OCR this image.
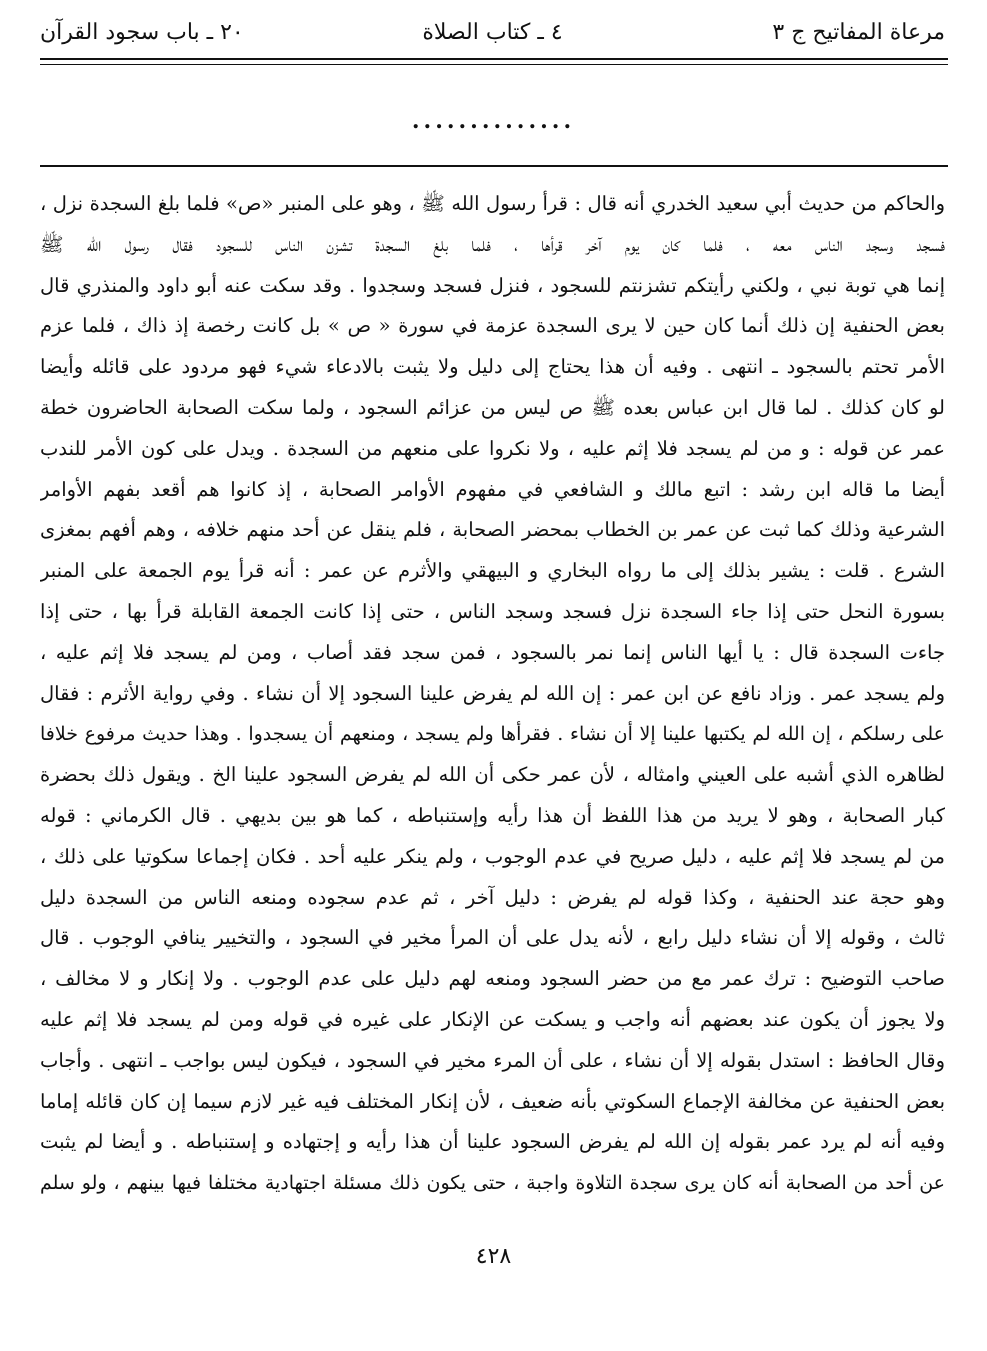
مرعاة المفاتيح ج ٣
٤ ـ كتاب الصلاة
٢٠ ـ باب سجود القرآن
..............
والحاكم من حديث أبي سعيد الخدري أنه قال : قرأ رسول الله ﷺ ، وهو على المنبر «ص» فلما بلغ السجدة نزل ،
فسجد وسجد الناس معه ، فلما كان يوم آخر قرأها ، فلما بلغ السجدة تشزن الناس للسجود فقال رسول الله ﷺ
إنما هي توبة نبي ، ولكني رأيتكم تشزنتم للسجود ، فنزل فسجد وسجدوا . وقد سكت عنه أبو داود والمنذري قال
بعض الحنفية إن ذلك أنما كان حين لا يرى السجدة عزمة في سورة « ص » بل كانت رخصة إذ ذاك ، فلما عزم
الأمر تحتم بالسجود ـ انتهى . وفيه أن هذا يحتاج إلى دليل ولا يثبت بالادعاء شيء فهو مردود على قائله وأيضا
لو كان كذلك . لما قال ابن عباس بعده ﷺ ص ليس من عزائم السجود ، ولما سكت الصحابة الحاضرون خطة
عمر عن قوله : و من لم يسجد فلا إثم عليه ، ولا نكروا على منعهم من السجدة . ويدل على كون الأمر للندب
أيضا ما قاله ابن رشد : اتبع مالك و الشافعي في مفهوم الأوامر الصحابة ، إذ كانوا هم أقعد بفهم الأوامر
الشرعية وذلك كما ثبت عن عمر بن الخطاب بمحضر الصحابة ، فلم ينقل عن أحد منهم خلافه ، وهم أفهم بمغزى
الشرع . قلت : يشير بذلك إلى ما رواه البخاري و البيهقي والأثرم عن عمر : أنه قرأ يوم الجمعة على المنبر
بسورة النحل حتى إذا جاء السجدة نزل فسجد وسجد الناس ، حتى إذا كانت الجمعة القابلة قرأ بها ، حتى إذا
جاءت السجدة قال : يا أيها الناس إنما نمر بالسجود ، فمن سجد فقد أصاب ، ومن لم يسجد فلا إثم عليه ،
ولم يسجد عمر . وزاد نافع عن ابن عمر : إن الله لم يفرض علينا السجود إلا أن نشاء . وفي رواية الأثرم : فقال
على رسلكم ، إن الله لم يكتبها علينا إلا أن نشاء . فقرأها ولم يسجد ، ومنعهم أن يسجدوا . وهذا حديث مرفوع خلافا
لظاهره الذي أشبه على العيني وامثاله ، لأن عمر حكى أن الله لم يفرض السجود علينا الخ . ويقول ذلك بحضرة
كبار الصحابة ، وهو لا يريد من هذا اللفظ أن هذا رأيه وإستنباطه ، كما هو بين بديهي . قال الكرماني : قوله
من لم يسجد فلا إثم عليه ، دليل صريح في عدم الوجوب ، ولم ينكر عليه أحد . فكان إجماعا سكوتيا على ذلك ،
وهو حجة عند الحنفية ، وكذا قوله لم يفرض : دليل آخر ، ثم عدم سجوده ومنعه الناس من السجدة دليل
ثالث ، وقوله إلا أن نشاء دليل رابع ، لأنه يدل على أن المرأ مخير في السجود ، والتخيير ينافي الوجوب . قال
صاحب التوضيح : ترك عمر مع من حضر السجود ومنعه لهم دليل على عدم الوجوب . ولا إنكار و لا مخالف ،
ولا يجوز أن يكون عند بعضهم أنه واجب و يسكت عن الإنكار على غيره في قوله ومن لم يسجد فلا إثم عليه
وقال الحافظ : استدل بقوله إلا أن نشاء ، على أن المرء مخير في السجود ، فيكون ليس بواجب ـ انتهى . وأجاب
بعض الحنفية عن مخالفة الإجماع السكوتي بأنه ضعيف ، لأن إنكار المختلف فيه غير لازم سيما إن كان قائله إماما
وفيه أنه لم يرد عمر بقوله إن الله لم يفرض السجود علينا أن هذا رأيه و إجتهاده و إستنباطه . و أيضا لم يثبت
عن أحد من الصحابة أنه كان يرى سجدة التلاوة واجبة ، حتى يكون ذلك مسئلة اجتهادية مختلفا فيها بينهم ، ولو سلم
٤٢٨
